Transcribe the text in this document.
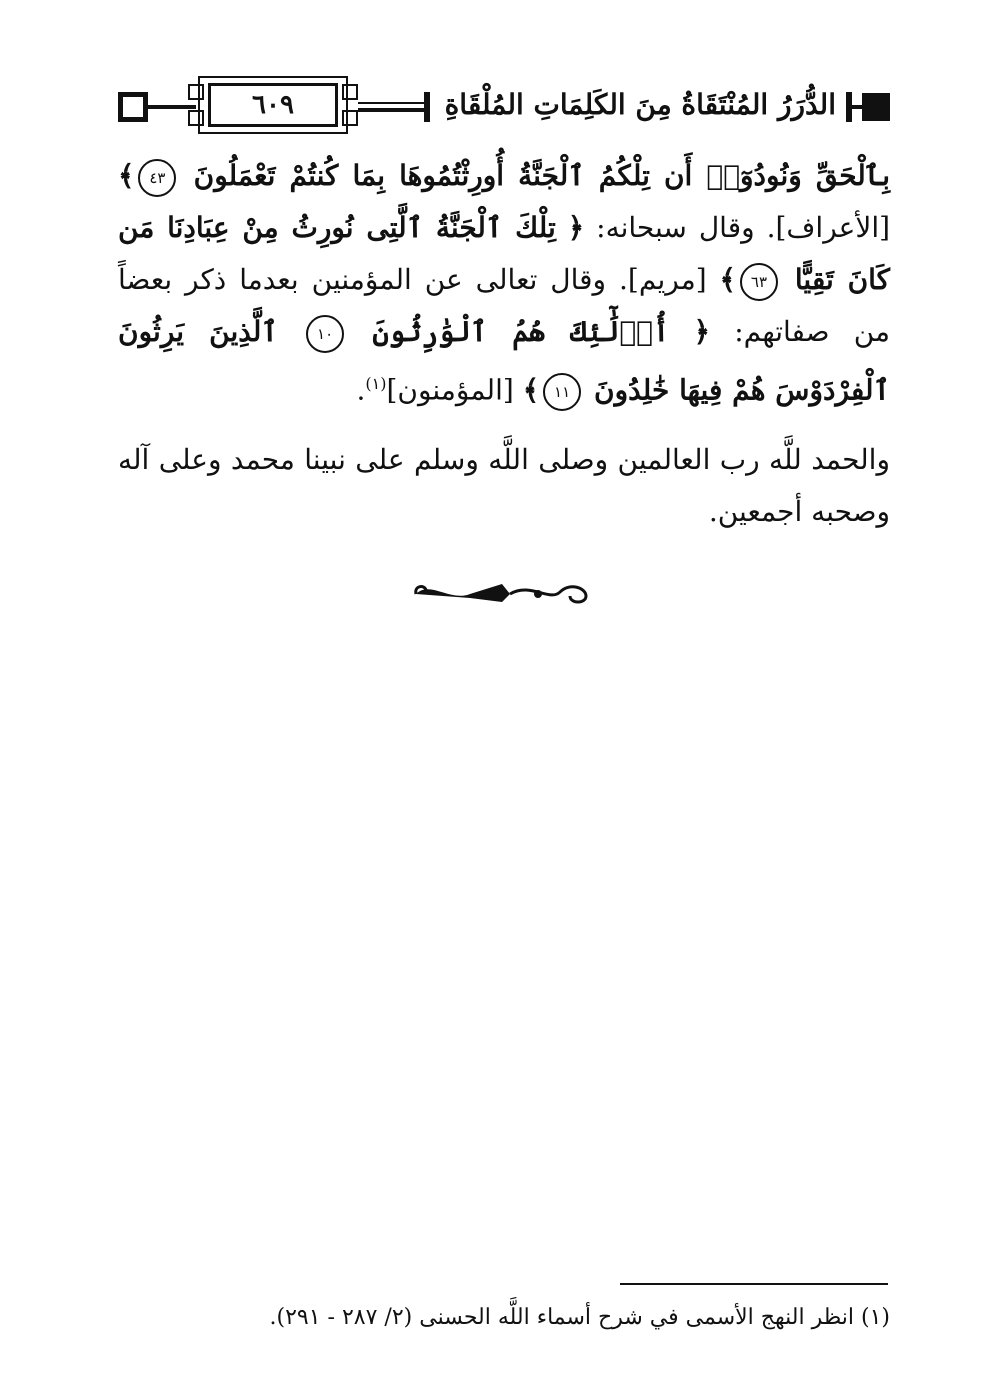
٦٠٩	الدُّرَرُ المُنْتَقَاةُ مِنَ الكَلِمَاتِ المُلْقَاةِ

بِٱلْحَقِّ وَنُودُوٓا۟ أَن تِلْكُمُ ٱلْجَنَّةُ أُورِثْتُمُوهَا بِمَا كُنتُمْ تَعْمَلُونَ ٤٣﴾ [الأعراف]. وقال سبحانه: ﴿ تِلْكَ ٱلْجَنَّةُ ٱلَّتِى نُورِثُ مِنْ عِبَادِنَا مَن كَانَ تَقِيًّا ٦٣﴾ [مريم]. وقال تعالى عن المؤمنين بعدما ذكر بعضاً من صفاتهم: ﴿ أُو۟لَٰٓئِكَ هُمُ ٱلْوَٰرِثُونَ ١٠ ٱلَّذِينَ يَرِثُونَ ٱلْفِرْدَوْسَ هُمْ فِيهَا خَٰلِدُونَ ١١﴾ [المؤمنون]$^{(١)}$.

والحمد للَّه رب العالمين وصلى اللَّه وسلم على نبينا محمد وعلى آله وصحبه أجمعين.

(١) انظر النهج الأسمى في شرح أسماء اللَّه الحسنى (٢/ ٢٨٧ - ٢٩١).
